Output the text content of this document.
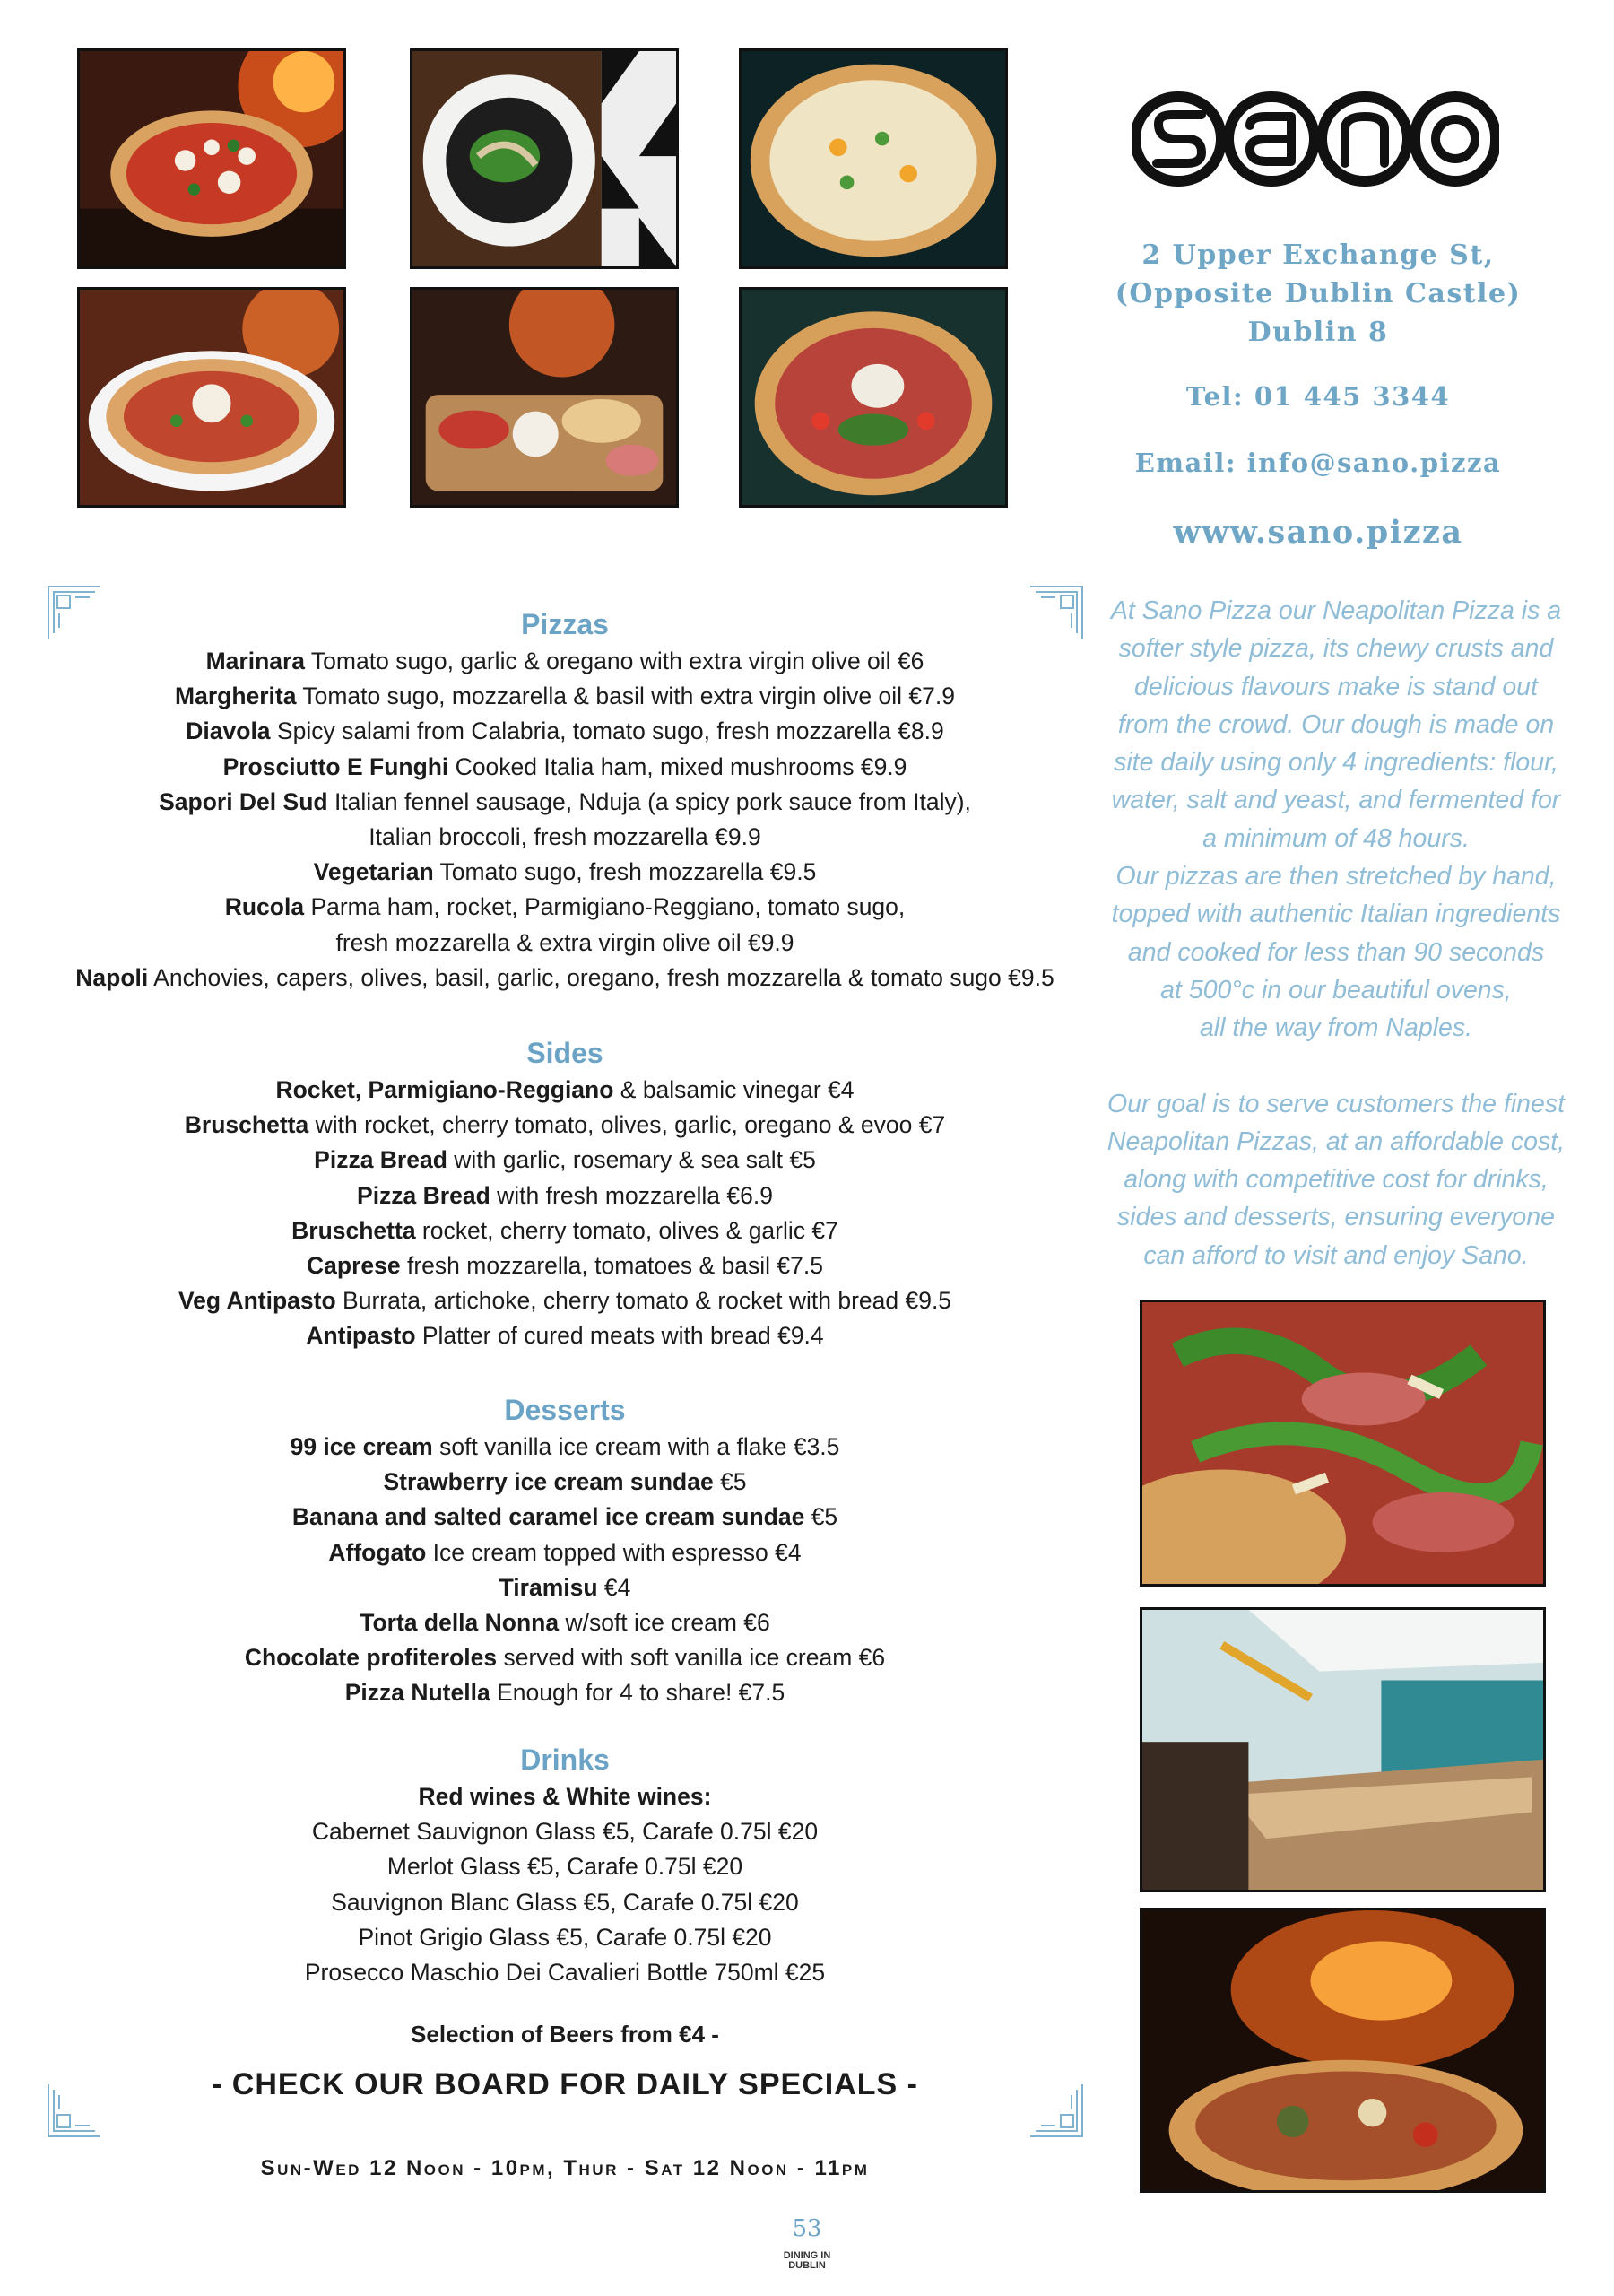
2 Upper Exchange St,
(Opposite Dublin Castle)
Dublin 8
Tel: 01 445 3344
Email: info@sano.pizza
www.sano.pizza
At Sano Pizza our Neapolitan Pizza is a
softer style pizza, its chewy crusts and
delicious flavours make is stand out
from the crowd. Our dough is made on
site daily using only 4 ingredients: flour,
water, salt and yeast, and fermented for
a minimum of 48 hours.
Our pizzas are then stretched by hand,
topped with authentic Italian ingredients
and cooked for less than 90 seconds
at 500°c in our beautiful ovens,
all the way from Naples.
Our goal is to serve customers the finest
Neapolitan Pizzas, at an affordable cost,
along with competitive cost for drinks,
sides and desserts, ensuring everyone
can afford to visit and enjoy Sano.
Pizzas
Marinara Tomato sugo, garlic & oregano with extra virgin olive oil €6
Margherita Tomato sugo, mozzarella & basil with extra virgin olive oil €7.9
Diavola Spicy salami from Calabria, tomato sugo, fresh mozzarella €8.9
Prosciutto E Funghi Cooked Italia ham, mixed mushrooms €9.9
Sapori Del Sud Italian fennel sausage, Nduja (a spicy pork sauce from Italy),
Italian broccoli, fresh mozzarella €9.9
Vegetarian Tomato sugo, fresh mozzarella €9.5
Rucola Parma ham, rocket, Parmigiano-Reggiano, tomato sugo,
fresh mozzarella & extra virgin olive oil €9.9
Napoli Anchovies, capers, olives, basil, garlic, oregano, fresh mozzarella & tomato sugo €9.5
Sides
Rocket, Parmigiano-Reggiano & balsamic vinegar €4
Bruschetta with rocket, cherry tomato, olives, garlic, oregano & evoo €7
Pizza Bread with garlic, rosemary & sea salt €5
Pizza Bread with fresh mozzarella €6.9
Bruschetta rocket, cherry tomato, olives & garlic €7
Caprese fresh mozzarella, tomatoes & basil €7.5
Veg Antipasto Burrata, artichoke, cherry tomato & rocket with bread €9.5
Antipasto Platter of cured meats with bread €9.4
Desserts
99 ice cream soft vanilla ice cream with a flake €3.5
Strawberry ice cream sundae €5
Banana and salted caramel ice cream sundae €5
Affogato Ice cream topped with espresso €4
Tiramisu €4
Torta della Nonna w/soft ice cream €6
Chocolate profiteroles served with soft vanilla ice cream €6
Pizza Nutella Enough for 4 to share! €7.5
Drinks
Red wines & White wines:
Cabernet Sauvignon Glass €5, Carafe 0.75l €20
Merlot Glass €5, Carafe 0.75l €20
Sauvignon Blanc Glass €5, Carafe 0.75l €20
Pinot Grigio Glass €5, Carafe 0.75l €20
Prosecco Maschio Dei Cavalieri Bottle 750ml €25
Selection of Beers from €4 -
- CHECK OUR BOARD FOR DAILY SPECIALS -
Sun-Wed 12 Noon - 10pm, Thur - Sat 12 Noon - 11pm
53
DINING IN
DUBLIN
